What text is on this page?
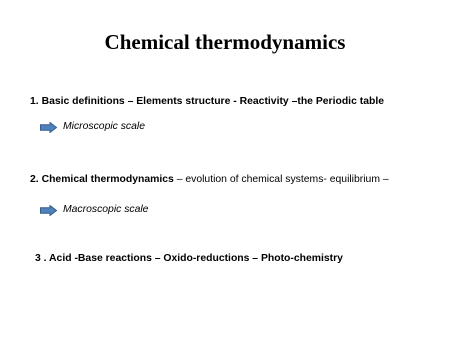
Chemical thermodynamics
1. Basic definitions – Elements structure - Reactivity –the Periodic table
Microscopic scale
2. Chemical thermodynamics – evolution of chemical systems- equilibrium –
Macroscopic scale
3 . Acid -Base reactions – Oxido-reductions – Photo-chemistry
